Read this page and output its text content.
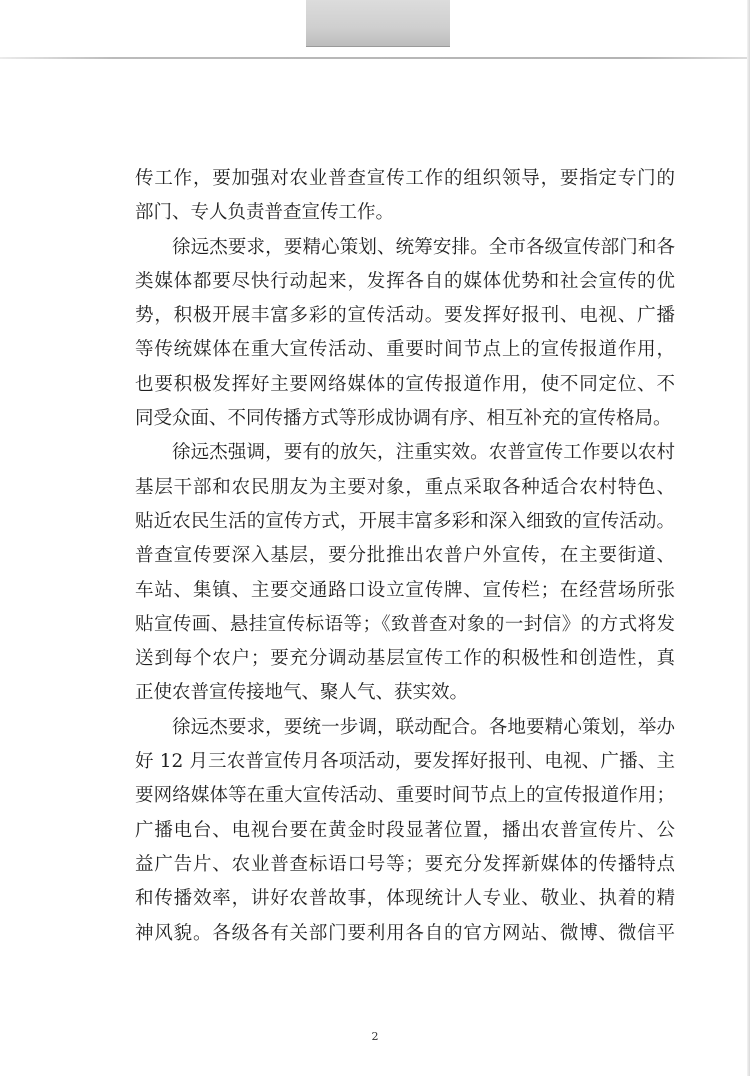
传工作，要加强对农业普查宣传工作的组织领导，要指定专门的
部门、专人负责普查宣传工作。
徐远杰要求，要精心策划、统筹安排。全市各级宣传部门和各
类媒体都要尽快行动起来，发挥各自的媒体优势和社会宣传的优
势，积极开展丰富多彩的宣传活动。要发挥好报刊、电视、广播
等传统媒体在重大宣传活动、重要时间节点上的宣传报道作用，
也要积极发挥好主要网络媒体的宣传报道作用，使不同定位、不
同受众面、不同传播方式等形成协调有序、相互补充的宣传格局。
徐远杰强调，要有的放矢，注重实效。农普宣传工作要以农村
基层干部和农民朋友为主要对象，重点采取各种适合农村特色、
贴近农民生活的宣传方式，开展丰富多彩和深入细致的宣传活动。
普查宣传要深入基层，要分批推出农普户外宣传，在主要街道、
车站、集镇、主要交通路口设立宣传牌、宣传栏；在经营场所张
贴宣传画、悬挂宣传标语等；《致普查对象的一封信》的方式将发
送到每个农户；要充分调动基层宣传工作的积极性和创造性，真
正使农普宣传接地气、聚人气、获实效。
徐远杰要求，要统一步调，联动配合。各地要精心策划，举办
好 12 月三农普宣传月各项活动，要发挥好报刊、电视、广播、主
要网络媒体等在重大宣传活动、重要时间节点上的宣传报道作用；
广播电台、电视台要在黄金时段显著位置，播出农普宣传片、公
益广告片、农业普查标语口号等；要充分发挥新媒体的传播特点
和传播效率，讲好农普故事，体现统计人专业、敬业、执着的精
神风貌。各级各有关部门要利用各自的官方网站、微博、微信平
2
